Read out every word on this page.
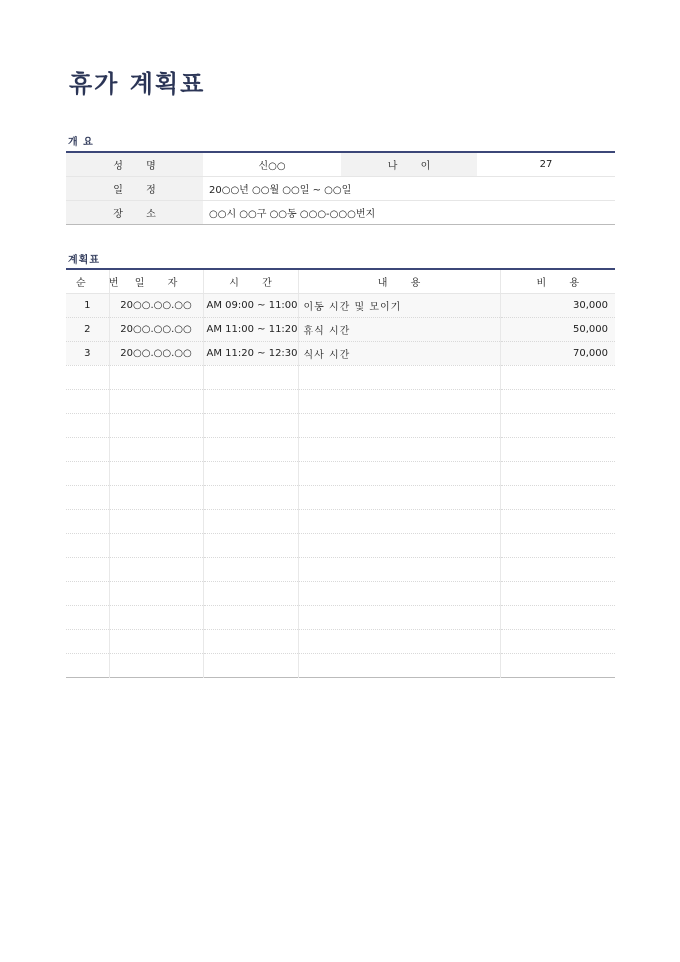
휴가 계획표
개 요
성 명	신○○	나 이	27
일 정	20○○년 ○○월 ○○일 ~ ○○일		
장 소	○○시 ○○구 ○○동 ○○○-○○○번지		
계획표
순 번	일 자	시 간	내 용	비 용
1	20○○.○○.○○	AM 09:00 ~ 11:00	이동 시간 및 모이기	30,000
2	20○○.○○.○○	AM 11:00 ~ 11:20	휴식 시간	50,000
3	20○○.○○.○○	AM 11:20 ~ 12:30	식사 시간	70,000
